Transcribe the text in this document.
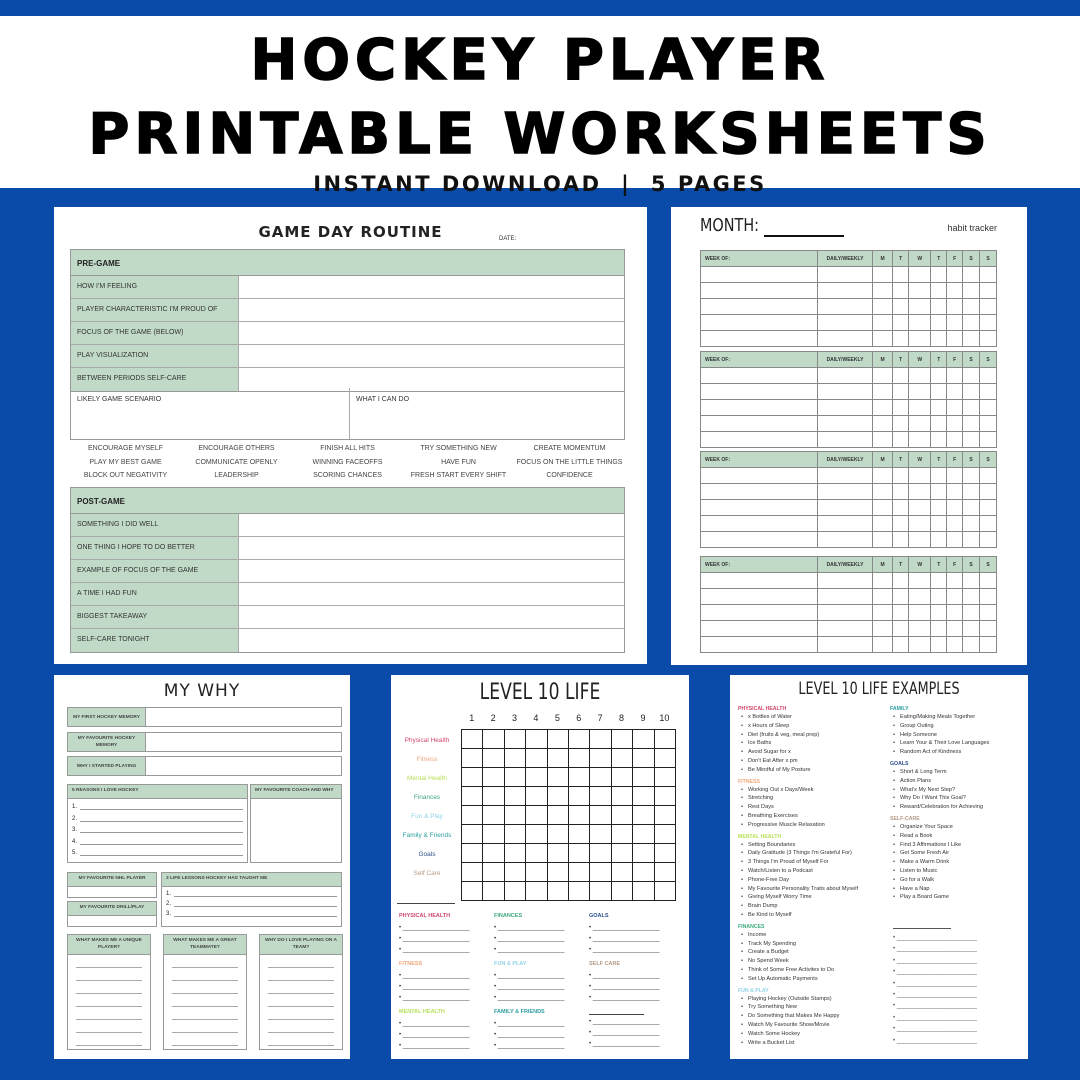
HOCKEY PLAYER
PRINTABLE WORKSHEETS
INSTANT DOWNLOAD  |  5 PAGES
GAME DAY ROUTINE	DATE:
PRE-GAME
HOW I'M FEELING
PLAYER CHARACTERISTIC I'M PROUD OF
FOCUS OF THE GAME (BELOW)
PLAY VISUALIZATION
BETWEEN PERIODS SELF-CARE
LIKELY GAME SCENARIO	WHAT I CAN DO
ENCOURAGE MYSELF	ENCOURAGE OTHERS	FINISH ALL HITS	TRY SOMETHING NEW	CREATE MOMENTUM
PLAY MY BEST GAME	COMMUNICATE OPENLY	WINNING FACEOFFS	HAVE FUN	FOCUS ON THE LITTLE THINGS
BLOCK OUT NEGATIVITY	LEADERSHIP	SCORING CHANCES	FRESH START EVERY SHIFT	CONFIDENCE
POST-GAME
SOMETHING I DID WELL
ONE THING I HOPE TO DO BETTER
EXAMPLE OF FOCUS OF THE GAME
A TIME I HAD FUN
BIGGEST TAKEAWAY
SELF-CARE TONIGHT
MONTH:	habit tracker
WEEK OF:	DAILY/WEEKLY	M	T	W	T	F	S	S

WEEK OF:	DAILY/WEEKLY	M	T	W	T	F	S	S

WEEK OF:	DAILY/WEEKLY	M	T	W	T	F	S	S

WEEK OF:	DAILY/WEEKLY	M	T	W	T	F	S	S

MY WHY
MY FIRST HOCKEY MEMORY
MY FAVOURITE HOCKEY MEMORY
WHY I STARTED PLAYING
5 REASONS I LOVE HOCKEY
1.
2.
3.
4.
5.
MY FAVOURITE COACH AND WHY
MY FAVOURITE NHL PLAYER
MY FAVOURITE DRILL/PLAY
3 LIFE LESSONS HOCKEY HAS TAUGHT ME
1.
2.
3.
WHAT MAKES ME A UNIQUE PLAYER?
WHAT MAKES ME A GREAT TEAMMATE?
WHY DO I LOVE PLAYING ON A TEAM?
LEVEL 10 LIFE
1	2	3	4	5	6	7	8	9	10
Physical Health
Fitness
Mental Health
Finances
Fun & Play
Family & Friends
Goals
Self Care

PHYSICAL HEALTH

• ____________________

• ____________________

• ____________________

FINANCES

• ____________________

• ____________________

• ____________________

GOALS

• ____________________

• ____________________

• ____________________

FITNESS

• ____________________

• ____________________

• ____________________

FUN & PLAY

• ____________________

• ____________________

• ____________________

SELF CARE

• ____________________

• ____________________

• ____________________

MENTAL HEALTH

• ____________________

• ____________________

• ____________________

FAMILY & FRIENDS

• ____________________

• ____________________

• ____________________

• ____________________

• ____________________

• ____________________

LEVEL 10 LIFE EXAMPLES
PHYSICAL HEALTH
• x Bottles of Water
• x Hours of Sleep
• Diet (fruits & veg, meal prep)
• Ice Baths
• Avoid Sugar for x
• Don't Eat After x pm
• Be Mindful of My Posture
FITNESS
• Working Out x Days/Week
• Stretching
• Rest Days
• Breathing Exercises
• Progressive Muscle Relaxation
MENTAL HEALTH
• Setting Boundaries
• Daily Gratitude (3 Things I'm Grateful For)
• 3 Things I'm Proud of Myself For
• Watch/Listen to a Podcast
• Phone-Free Day
• My Favourite Personality Traits about Myself
• Giving Myself Worry Time
• Brain Dump
• Be Kind to Myself
FINANCES
• Income
• Track My Spending
• Create a Budget
• No Spend Week
• Think of Some Free Activites to Do
• Set Up Automatic Payments
FUN & PLAY
• Playing Hockey (Outside Stamps)
• Try Something New
• Do Something that Makes Me Happy
• Watch My Favourite Show/Movie
• Watch Some Hockey
• Write a Bucket List
FAMILY
• Eating/Making Meals Together
• Group Outing
• Help Someone
• Learn Your & Their Love Languages
• Random Act of Kindness
GOALS
• Short & Long Term
• Action Plans
• What's My Next Step?
• Why Do I Want This Goal?
• Reward/Celebration for Achieving
SELF-CARE
• Organize Your Space
• Read a Book
• Find 3 Affirmations I Like
• Get Some Fresh Air
• Make a Warm Drink
• Listen to Music
• Go for a Walk
• Have a Nap
• Play a Board Game

• ________________________

• ________________________

• ________________________

• ________________________

• ________________________

• ________________________

• ________________________

• ________________________

• ________________________

• ________________________
